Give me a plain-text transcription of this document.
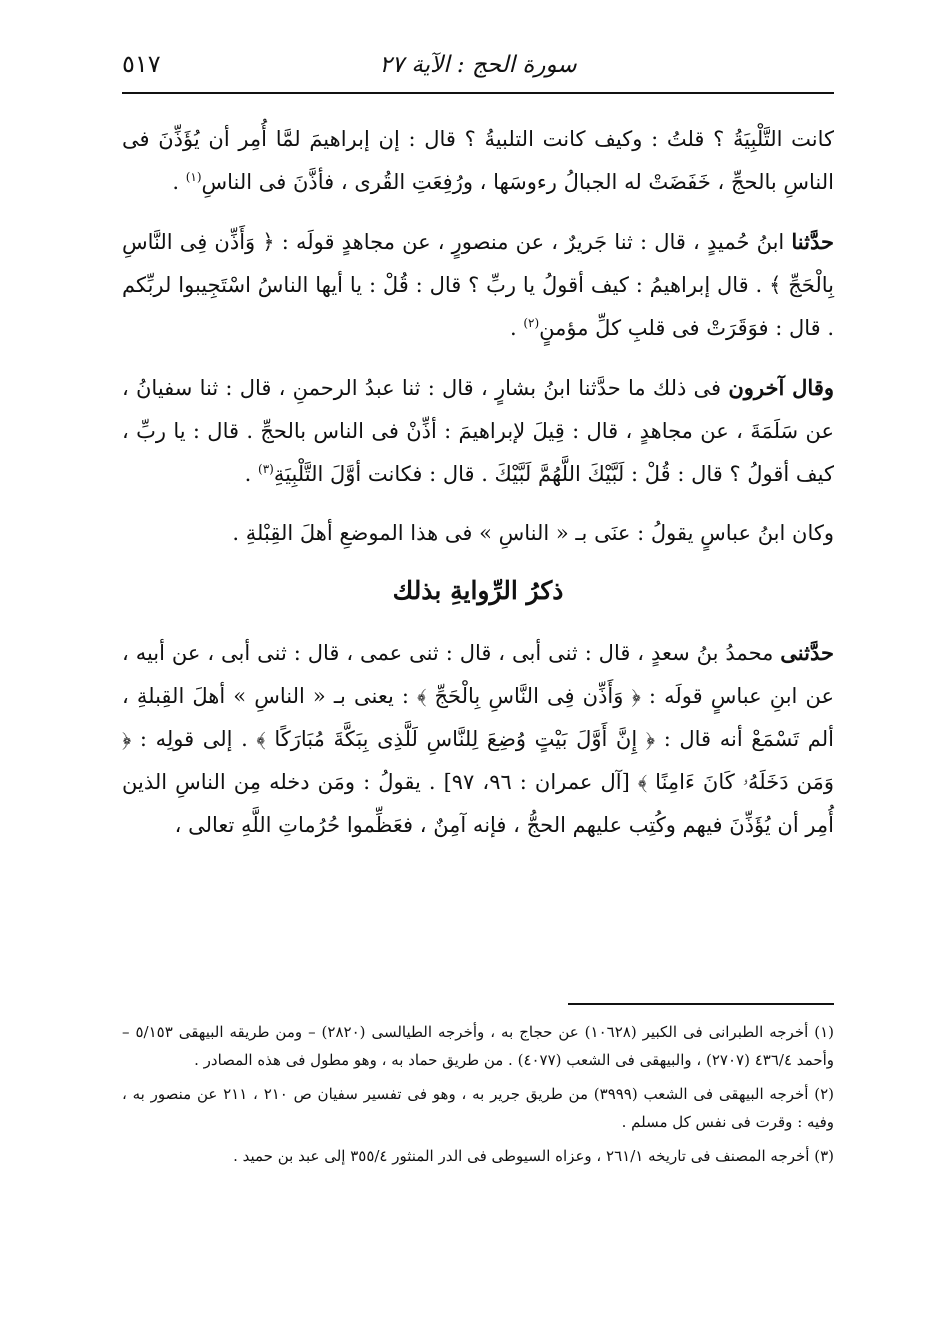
٥١٧	سورة الحج : الآية ٢٧

كانت التَّلْبِيَةُ ؟ قلتُ : وكيف كانت التلبيةُ ؟ قال : إن إبراهيمَ لمَّا أُمِر أن يُؤَذِّنَ فى الناسِ بالحجِّ ، خَفَضَتْ له الجبالُ رءوسَها ، ورُفِعَتِ القُرى ، فأذَّنَ فى الناسِ$^{(١)}$ .

حدَّثنا ابنُ حُميدٍ ، قال : ثنا جَريرٌ ، عن منصورٍ ، عن مجاهدٍ قولَه : ﴿ وَأَذِّن فِى النَّاسِ بِالْحَجِّ ﴾ . قال إبراهيمُ : كيف أقولُ يا ربِّ ؟ قال : قُلْ : يا أيها الناسُ اسْتَجِيبوا لربِّكم . قال : فوَقَرَتْ فى قلبِ كلِّ مؤمنٍ$^{(٢)}$ .

وقال آخرون فى ذلك ما حدَّثنا ابنُ بشارٍ ، قال : ثنا عبدُ الرحمنِ ، قال : ثنا سفيانُ ، عن سَلَمَةَ ، عن مجاهدٍ ، قال : قِيلَ لإبراهيمَ : أذِّنْ فى الناس بالحجِّ . قال : يا ربِّ ، كيف أقولُ ؟ قال : قُلْ : لَبَّيْكَ اللَّهُمَّ لَبَّيْكَ . قال : فكانت أوَّلَ التَّلْبِيَةِ$^{(٣)}$ .

وكان ابنُ عباسٍ يقولُ : عنَى بـ « الناسِ » فى هذا الموضعِ أهلَ القِبْلةِ .

ذكرُ الرِّوايةِ بذلك

حدَّثنى محمدُ بنُ سعدٍ ، قال : ثنى أبى ، قال : ثنى عمى ، قال : ثنى أبى ، عن أبيه ، عن ابنِ عباسٍ قولَه : ﴿ وَأَذِّن فِى النَّاسِ بِالْحَجِّ ﴾ : يعنى بـ « الناسِ » أهلَ القِبلةِ ، ألم تَسْمَعْ أنه قال : ﴿ إِنَّ أَوَّلَ بَيْتٍ وُضِعَ لِلنَّاسِ لَلَّذِى بِبَكَّةَ مُبَارَكًا ﴾ . إلى قولِه : ﴿ وَمَن دَخَلَهُۥ كَانَ ءَامِنًا ﴾ [آل عمران : ٩٦، ٩٧] . يقولُ : ومَن دخله مِن الناسِ الذين أُمِر أن يُؤَذِّنَ فيهم وكُتِب عليهم الحجُّ ، فإنه آمِنٌ ، فعَظِّموا حُرُماتِ اللَّهِ تعالى ،

(١) أخرجه الطبرانى فى الكبير (١٠٦٢٨) عن حجاج به ، وأخرجه الطيالسى (٢٨٢٠) – ومن طريقه البيهقى ٥/١٥٣ – وأحمد ٤٣٦/٤ (٢٧٠٧) ، والبيهقى فى الشعب (٤٠٧٧) . من طريق حماد به ، وهو مطول فى هذه المصادر .

(٢) أخرجه البيهقى فى الشعب (٣٩٩٩) من طريق جرير به ، وهو فى تفسير سفيان ص ٢١٠ ، ٢١١ عن منصور به ، وفيه : وقرت فى نفس كل مسلم .

(٣) أخرجه المصنف فى تاريخه ٢٦١/١ ، وعزاه السيوطى فى الدر المنثور ٣٥٥/٤ إلى عبد بن حميد .
